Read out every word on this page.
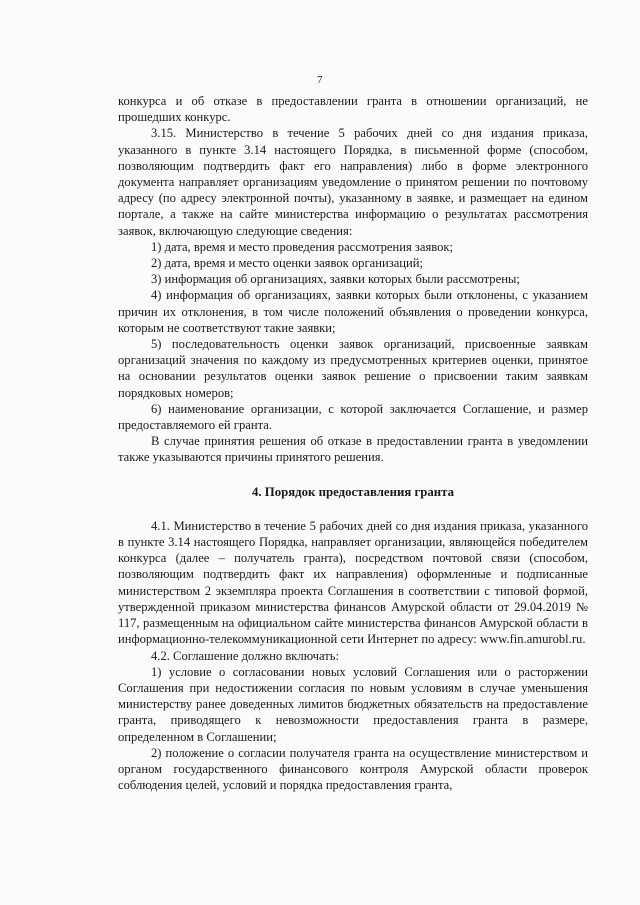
7

конкурса и об отказе в предоставлении гранта в отношении организаций, не прошедших конкурс.

3.15. Министерство в течение 5 рабочих дней со дня издания приказа, указанного в пункте 3.14 настоящего Порядка, в письменной форме (способом, позволяющим подтвердить факт его направления) либо в форме электронного документа направляет организациям уведомление о принятом решении по почтовому адресу (по адресу электронной почты), указанному в заявке, и размещает на едином портале, а также на сайте министерства информацию о результатах рассмотрения заявок, включающую следующие сведения:

1) дата, время и место проведения рассмотрения заявок;

2) дата, время и место оценки заявок организаций;

3) информация об организациях, заявки которых были рассмотрены;

4) информация об организациях, заявки которых были отклонены, с указанием причин их отклонения, в том числе положений объявления о проведении конкурса, которым не соответствуют такие заявки;

5) последовательность оценки заявок организаций, присвоенные заявкам организаций значения по каждому из предусмотренных критериев оценки, принятое на основании результатов оценки заявок решение о присвоении таким заявкам порядковых номеров;

6) наименование организации, с которой заключается Соглашение, и размер предоставляемого ей гранта.

В случае принятия решения об отказе в предоставлении гранта в уведомлении также указываются причины принятого решения.

4. Порядок предоставления гранта

4.1. Министерство в течение 5 рабочих дней со дня издания приказа, указанного в пункте 3.14 настоящего Порядка, направляет организации, являющейся победителем конкурса (далее – получатель гранта), посредством почтовой связи (способом, позволяющим подтвердить факт их направления) оформленные и подписанные министерством 2 экземпляра проекта Соглашения в соответствии с типовой формой, утвержденной приказом министерства финансов Амурской области от 29.04.2019 № 117, размещенным на официальном сайте министерства финансов Амурской области в информационно-телекоммуникационной сети Интернет по адресу: www.fin.amurobl.ru.

4.2. Соглашение должно включать:

1) условие о согласовании новых условий Соглашения или о расторжении Соглашения при недостижении согласия по новым условиям в случае уменьшения министерству ранее доведенных лимитов бюджетных обязательств на предоставление гранта, приводящего к невозможности предоставления гранта в размере, определенном в Соглашении;

2) положение о согласии получателя гранта на осуществление министерством и органом государственного финансового контроля Амурской области проверок соблюдения целей, условий и порядка предоставления гранта,
